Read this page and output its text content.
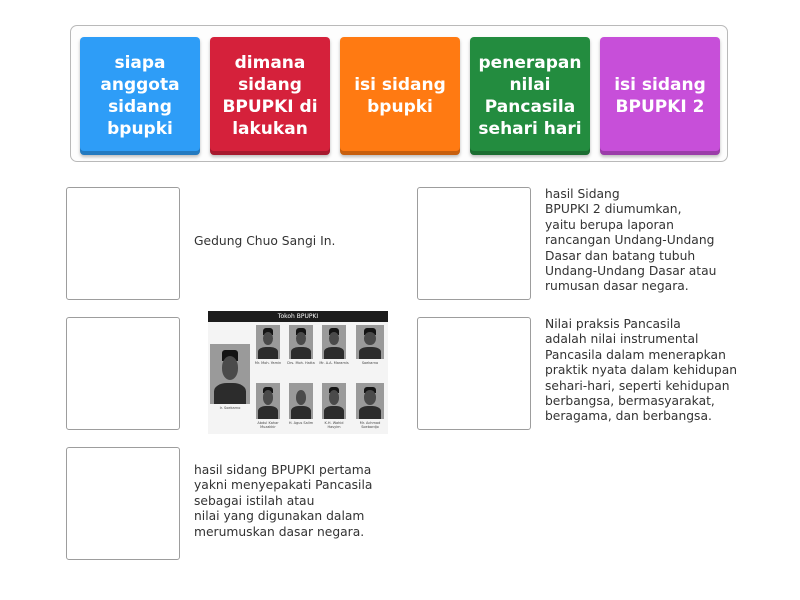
siapa
anggota
sidang
bpupki
dimana
sidang
BPUPKI di
lakukan
isi sidang
bpupki
penerapan
nilai
Pancasila
sehari hari
isi sidang
BPUPKI 2
Gedung Chuo Sangi In.
Tokoh BPUPKI
Ir. Soekarno
Mr. Moh. Yamin	Drs. Moh. Hatta	Mr. A.A. Maramis	Soekarno
Abdul Kahar Muzakkir
H. Agus Salim	K.H. Wahid Hasyim
Mr. Achmad Soebardjo
hasil sidang BPUPKI pertama
yakni menyepakati Pancasila
sebagai istilah atau
nilai yang digunakan dalam
merumuskan dasar negara.
hasil Sidang
BPUPKI 2 diumumkan,
yaitu berupa laporan
rancangan Undang-Undang
Dasar dan batang tubuh
Undang-Undang Dasar atau
rumusan dasar negara.
Nilai praksis Pancasila
adalah nilai instrumental
Pancasila dalam menerapkan
praktik nyata dalam kehidupan
sehari-hari, seperti kehidupan
berbangsa, bermasyarakat,
beragama, dan berbangsa.
